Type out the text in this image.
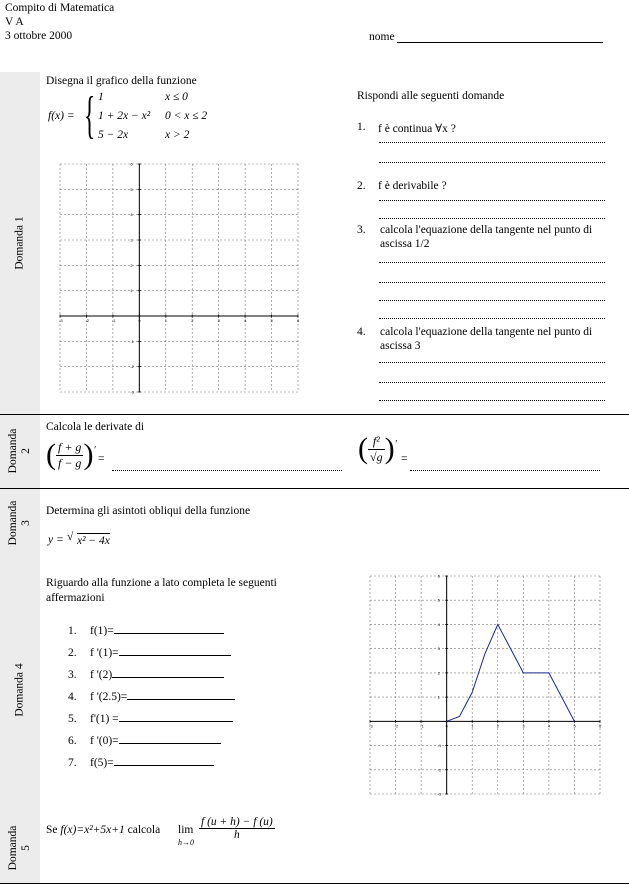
Compito di Matematica
V A
3 ottobre 2000	nome
Domanda 1
Domanda 2
Domanda 3
Domanda 4
Domanda 5
Disegna il grafico della funzione
f(x) = { 1	x ≤ 0
1 + 2x − x² 0 < x ≤ 2
5 − 2x	x > 2
-3	-2	-1	0	1	2	3	4	5	6
6
5
4
3
2
1
-1
-2
-3
Rispondi alle seguenti domande
1. f è continua ∀x ?
2. f è derivabile ?
3. calcola l'equazione della tangente nel punto di
ascissa 1/2
4. calcola l'equazione della tangente nel punto di
ascissa 3
Calcola le derivate di
( $\frac{f + g}{f - g} )'$
=	( $\frac{\text{f²}}{√g} )'$
=
Determina gli asintoti obliqui della funzione
y = √ x² − 4x
Riguardo alla funzione a lato completa le seguenti
affermazioni
1. f(1)=
2. f '(1)=
3. f '(2)
4. f '(2.5)=
5. f'(1) =
6. f '(0)=
7. f(5)=
-3	-2	-1	0	1	2	3	4	5	6
6
5
4
3
2
1
-1
-2
-3
Se f(x)=x²+5x+1 calcola lim
h→0
$\frac{f (u + h) - f (u)}{h}$
